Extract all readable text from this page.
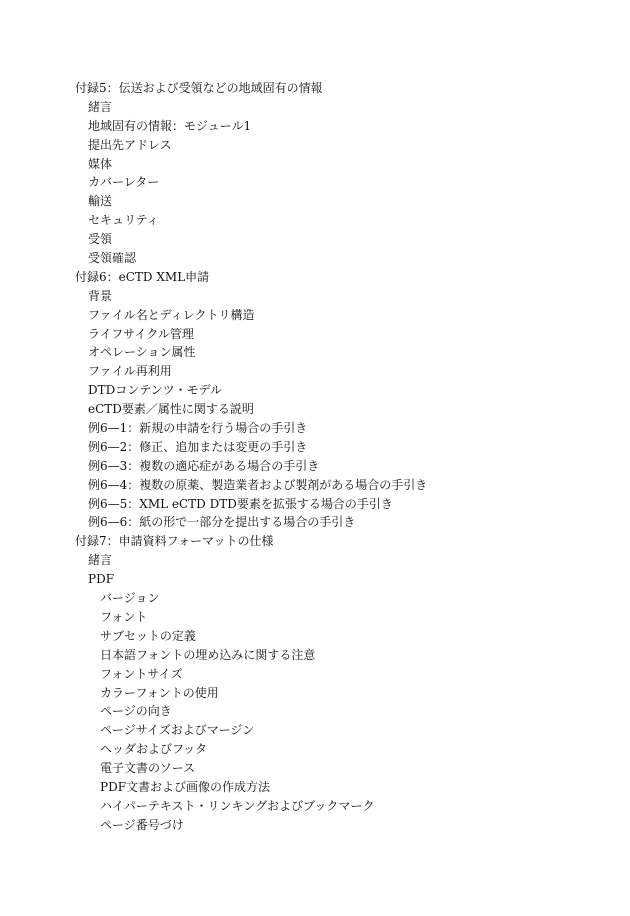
付録5：伝送および受領などの地域固有の情報
緒言
地域固有の情報：モジュール1
提出先アドレス
媒体
カバーレター
輸送
セキュリティ
受領
受領確認
付録6：eCTD XML申請
背景
ファイル名とディレクトリ構造
ライフサイクル管理
オペレーション属性
ファイル再利用
DTDコンテンツ・モデル
eCTD要素／属性に関する説明
例6—1：新規の申請を行う場合の手引き
例6—2：修正、追加または変更の手引き
例6—3：複数の適応症がある場合の手引き
例6—4：複数の原薬、製造業者および製剤がある場合の手引き
例6—5：XML eCTD DTD要素を拡張する場合の手引き
例6—6：紙の形で一部分を提出する場合の手引き
付録7：申請資料フォーマットの仕様
緒言
PDF
バージョン
フォント
サブセットの定義
日本語フォントの埋め込みに関する注意
フォントサイズ
カラーフォントの使用
ページの向き
ページサイズおよびマージン
ヘッダおよびフッタ
電子文書のソース
PDF文書および画像の作成方法
ハイパーテキスト・リンキングおよびブックマーク
ページ番号づけ
